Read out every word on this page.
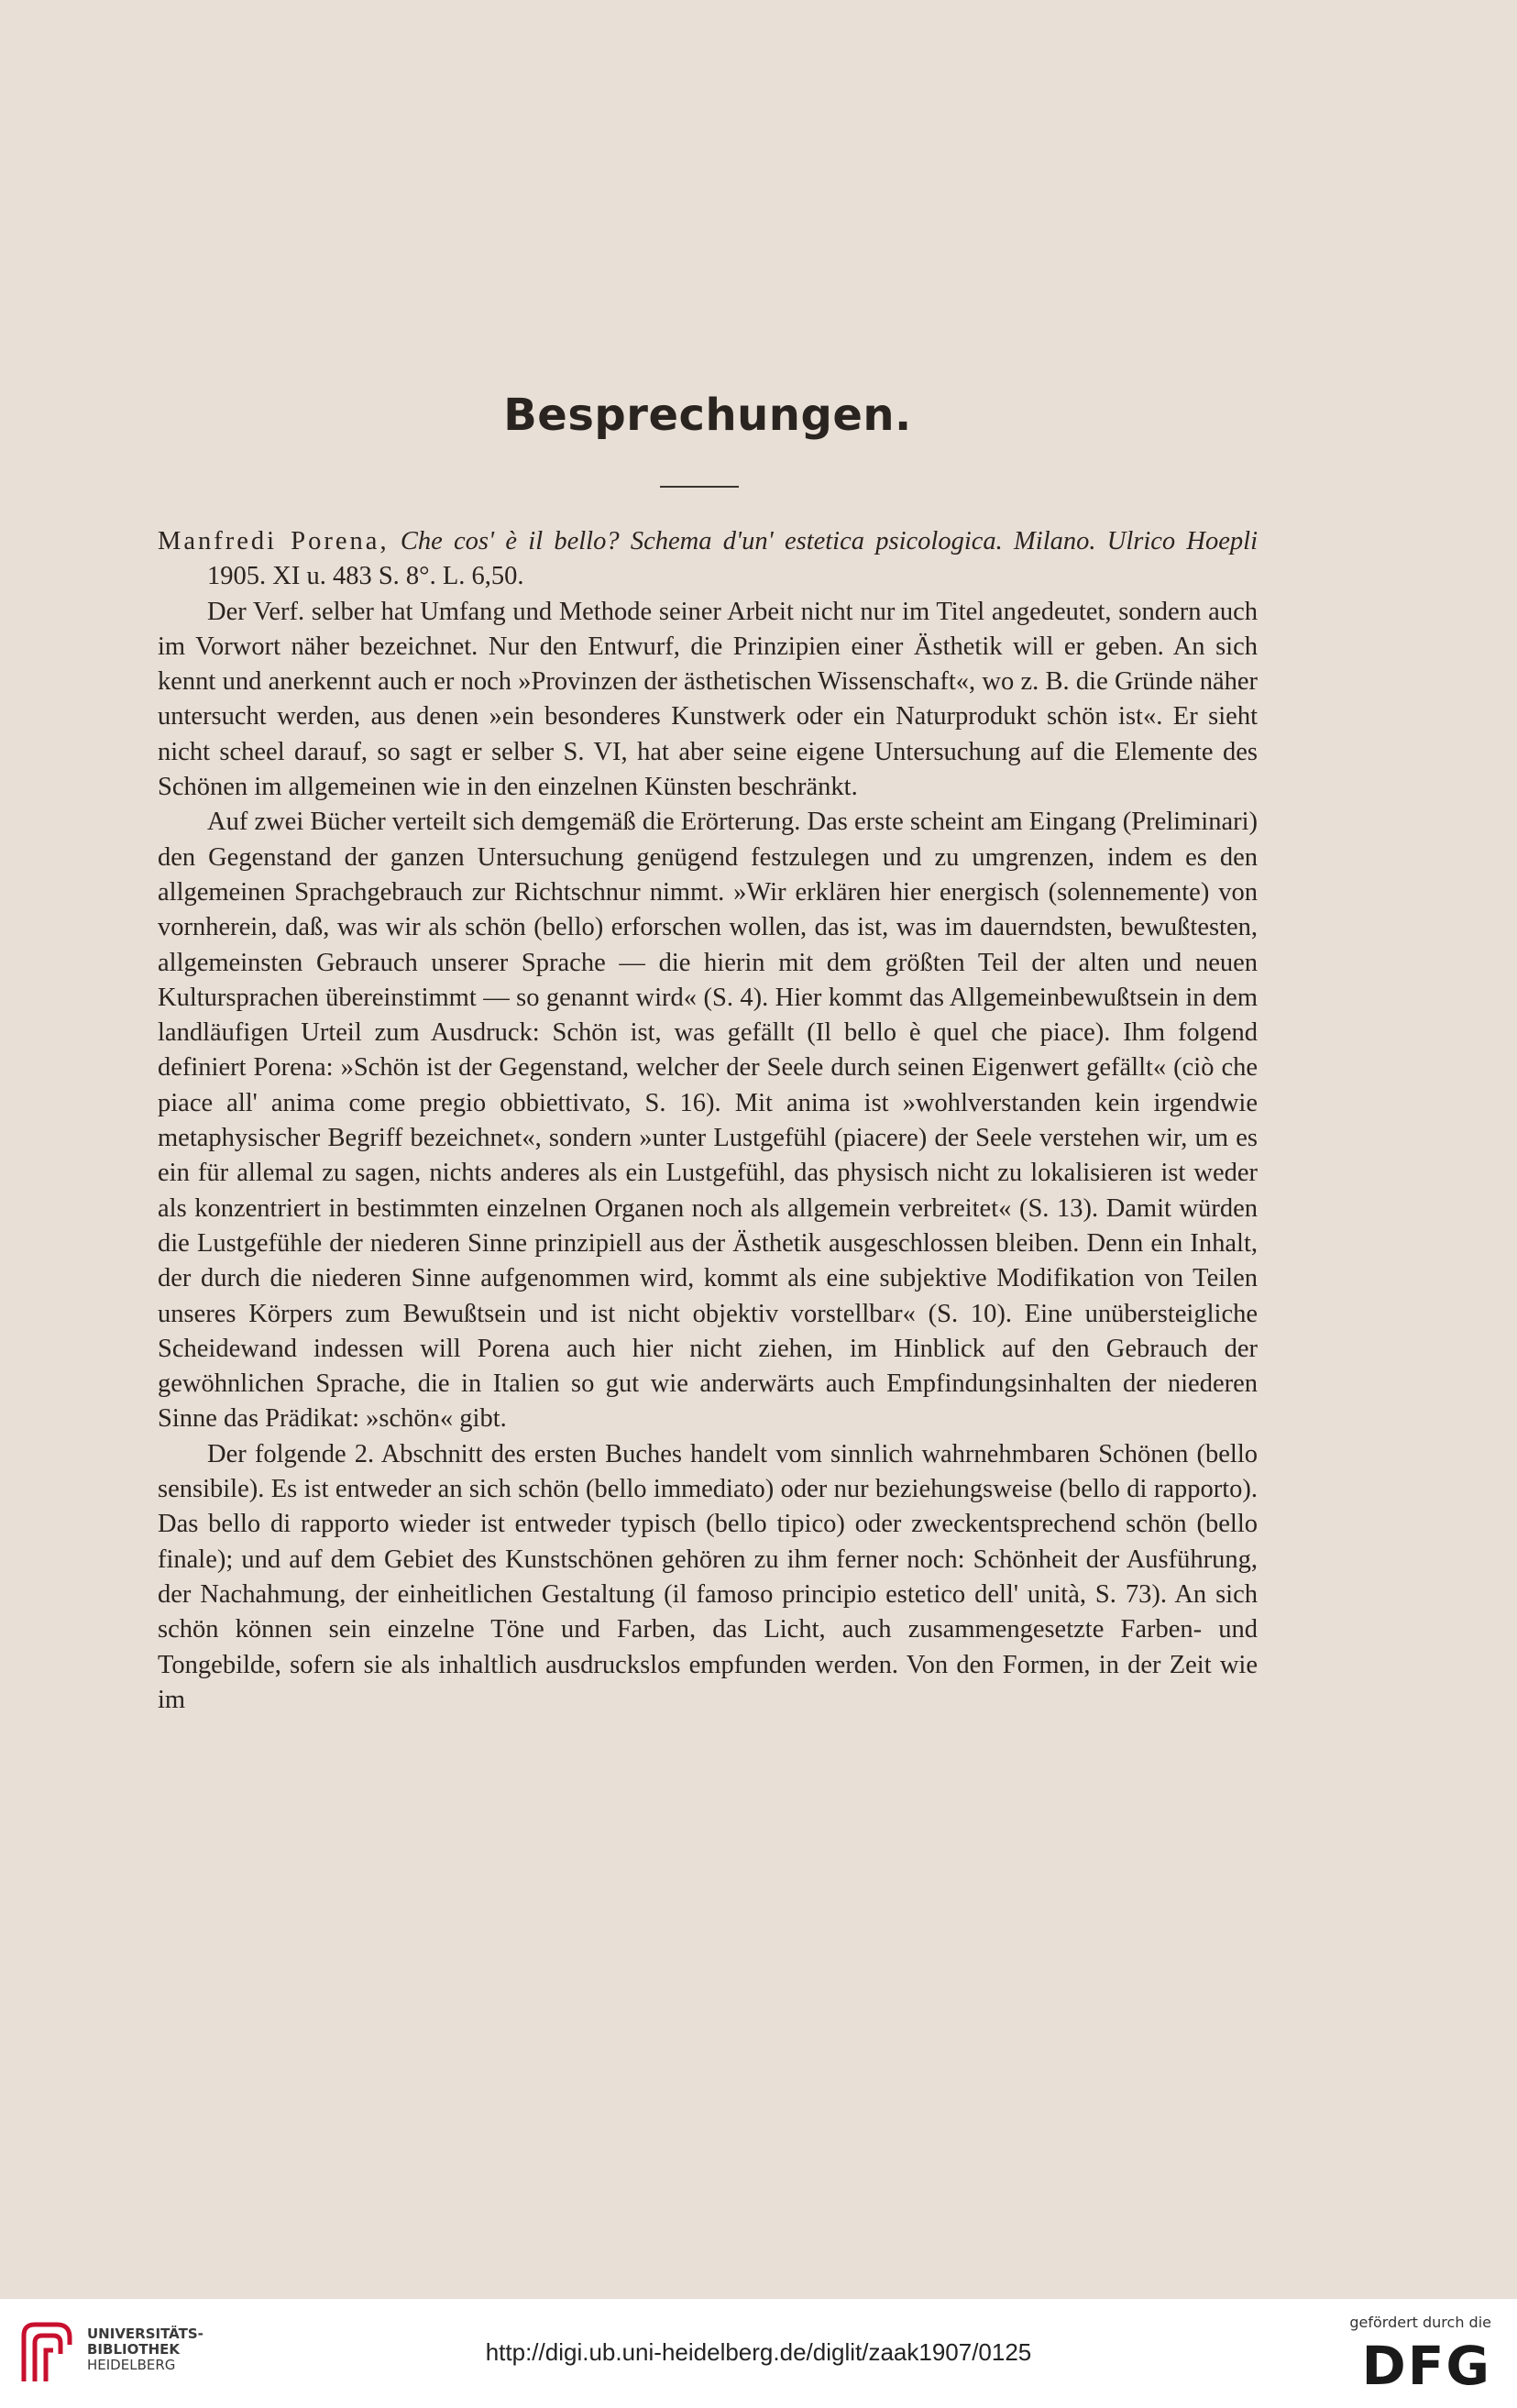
Besprechungen.

Manfredi Porena, Che cos' è il bello? Schema d'un' estetica psicologica. Milano. Ulrico Hoepli 1905. XI u. 483 S. 8°. L. 6,50.

Der Verf. selber hat Umfang und Methode seiner Arbeit nicht nur im Titel angedeutet, sondern auch im Vorwort näher bezeichnet. Nur den Entwurf, die Prinzipien einer Ästhetik will er geben. An sich kennt und anerkennt auch er noch »Provinzen der ästhetischen Wissenschaft«, wo z. B. die Gründe näher untersucht werden, aus denen »ein besonderes Kunstwerk oder ein Naturprodukt schön ist«. Er sieht nicht scheel darauf, so sagt er selber S. VI, hat aber seine eigene Untersuchung auf die Elemente des Schönen im allgemeinen wie in den einzelnen Künsten beschränkt.

Auf zwei Bücher verteilt sich demgemäß die Erörterung. Das erste scheint am Eingang (Preliminari) den Gegenstand der ganzen Untersuchung genügend festzulegen und zu umgrenzen, indem es den allgemeinen Sprachgebrauch zur Richtschnur nimmt. »Wir erklären hier energisch (solennemente) von vornherein, daß, was wir als schön (bello) erforschen wollen, das ist, was im dauerndsten, bewußtesten, allgemeinsten Gebrauch unserer Sprache — die hierin mit dem größten Teil der alten und neuen Kultursprachen übereinstimmt — so genannt wird« (S. 4). Hier kommt das Allgemeinbewußtsein in dem landläufigen Urteil zum Ausdruck: Schön ist, was gefällt (Il bello è quel che piace). Ihm folgend definiert Porena: »Schön ist der Gegenstand, welcher der Seele durch seinen Eigenwert gefällt« (ciò che piace all' anima come pregio obbiettivato, S. 16). Mit anima ist »wohlverstanden kein irgendwie metaphysischer Begriff bezeichnet«, sondern »unter Lustgefühl (piacere) der Seele verstehen wir, um es ein für allemal zu sagen, nichts anderes als ein Lustgefühl, das physisch nicht zu lokalisieren ist weder als konzentriert in bestimmten einzelnen Organen noch als allgemein verbreitet« (S. 13). Damit würden die Lustgefühle der niederen Sinne prinzipiell aus der Ästhetik ausgeschlossen bleiben. Denn ein Inhalt, der durch die niederen Sinne aufgenommen wird, kommt als eine subjektive Modifikation von Teilen unseres Körpers zum Bewußtsein und ist nicht objektiv vorstellbar« (S. 10). Eine unübersteigliche Scheidewand indessen will Porena auch hier nicht ziehen, im Hinblick auf den Gebrauch der gewöhnlichen Sprache, die in Italien so gut wie anderwärts auch Empfindungsinhalten der niederen Sinne das Prädikat: »schön« gibt.

Der folgende 2. Abschnitt des ersten Buches handelt vom sinnlich wahrnehmbaren Schönen (bello sensibile). Es ist entweder an sich schön (bello immediato) oder nur beziehungsweise (bello di rapporto). Das bello di rapporto wieder ist entweder typisch (bello tipico) oder zweckentsprechend schön (bello finale); und auf dem Gebiet des Kunstschönen gehören zu ihm ferner noch: Schönheit der Ausführung, der Nachahmung, der einheitlichen Gestaltung (il famoso principio estetico dell' unità, S. 73). An sich schön können sein einzelne Töne und Farben, das Licht, auch zusammengesetzte Farben- und Tongebilde, sofern sie als inhaltlich ausdruckslos empfunden werden. Von den Formen, in der Zeit wie im

UNIVERSITÄTS-
BIBLIOTHEK
HEIDELBERG	http://digi.ub.uni-heidelberg.de/diglit/zaak1907/0125
gefördert durch die
DFG
